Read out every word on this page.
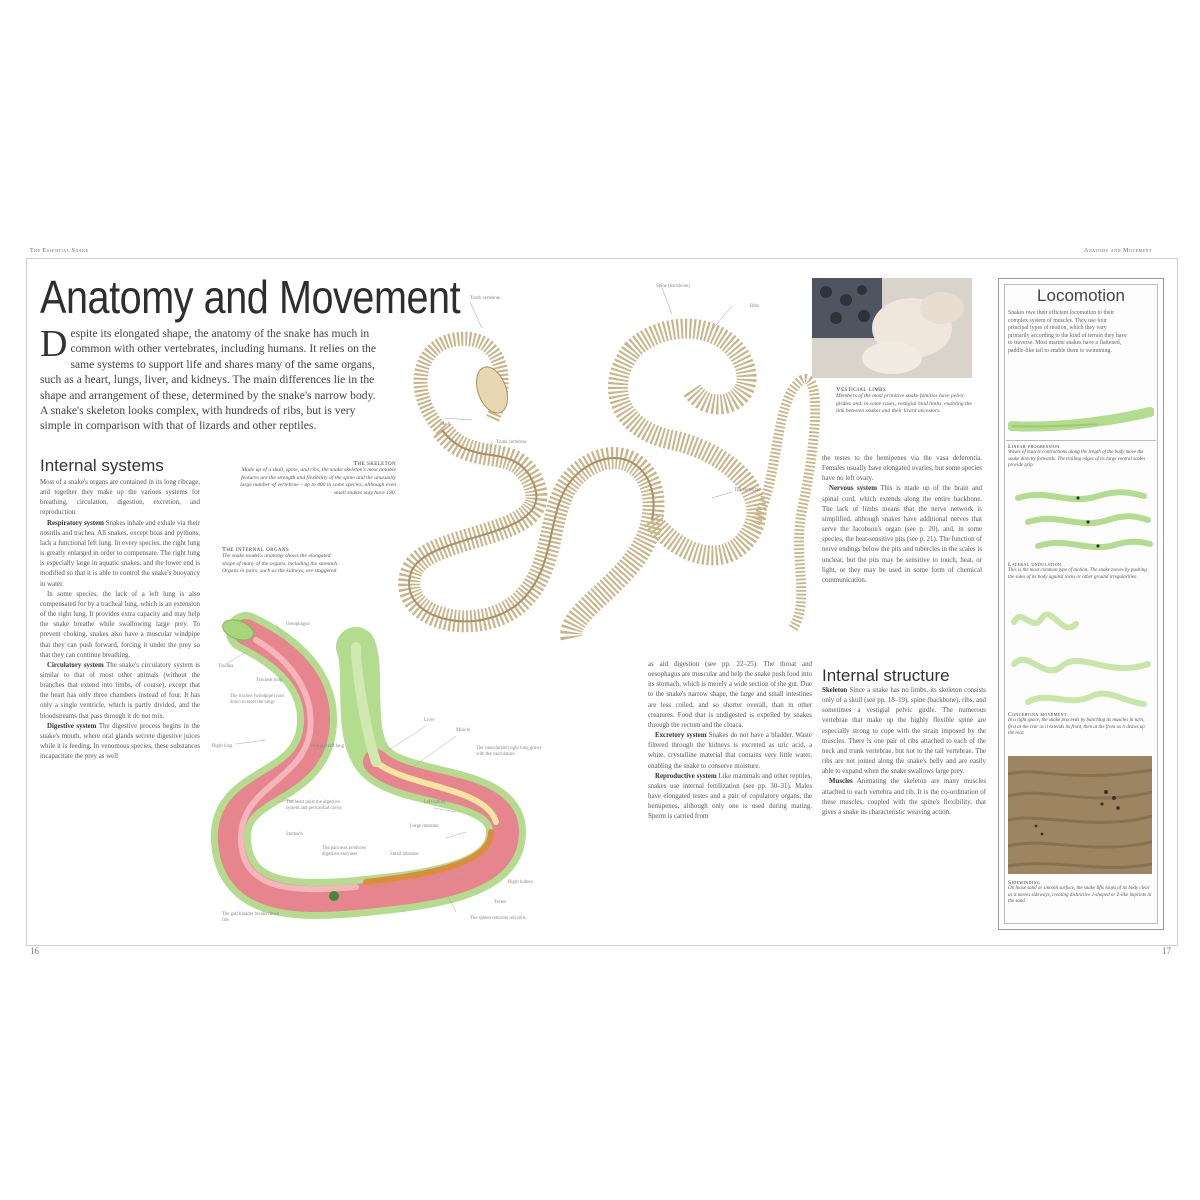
The Essential Snake	Anatomy and Movement
Anatomy and Movement
Despite its elongated shape, the anatomy of the snake has much in common with other vertebrates, including humans. It relies on the same systems to support life and shares many of the same organs, such as a heart, lungs, liver, and kidneys. The main differences lie in the shape and arrangement of these, determined by the snake's narrow body. A snake's skeleton looks complex, with hundreds of ribs, but is very simple in comparison with that of lizards and other reptiles.
Internal systems

Most of a snake's organs are contained in its long ribcage, and together they make up the various systems for breathing, circulation, digestion, excretion, and reproduction.

Respiratory system Snakes inhale and exhale via their nostrils and trachea. All snakes, except boas and pythons, lack a functional left lung. In every species, the right lung is greatly enlarged in order to compensate. The right lung is especially large in aquatic snakes, and the lower end is modified so that it is able to control the snake's buoyancy in water.

In some species, the lack of a left lung is also compensated for by a tracheal lung, which is an extension of the right lung. It provides extra capacity and may help the snake breathe while swallowing large prey. To prevent choking, snakes also have a muscular windpipe that they can push forward, forcing it under the prey so that they can continue breathing.

Circulatory system The snake's circulatory system is similar to that of most other animals (without the branches that extend into limbs, of course), except that the heart has only three chambers instead of four. It has only a single ventricle, which is partly divided, and the bloodstreams that pass through it do not mix.

Digestive system The digestive process begins in the snake's mouth, where oral glands secrete digestive juices while it is feeding. In venomous species, these substances incapacitate the prey as well

The skeleton
Made up of a skull, spine, and ribs, the snake skeleton's most notable features are the strength and flexibility of the spine and the unusually large number of vertebrae – up to 400 in some species, although even small snakes may have 180.
The internal organs
The snake model's anatomy shows the elongated shape of many of the organs, including the stomach. Organs in pairs, such as the kidneys, are staggered.
Tooth vertebrae
Skull
Trunk vertebrae
Spine (backbone)
Ribs
Tail vertebrae
Vestigial limbs
Members of the most primitive snake families have pelvic girdles and, in some cases, vestigial hind limbs, enabling the link between snakes and their lizard ancestors.
Oesophagus
Tracheal lung
Trachea
The trachea (windpipe) runs down to meet the lungs
Right lung	Vestigial left lung
The heart pulls the digestive system and pericardial cavity
Stomach
The gall bladder breaks down fats
Liver
Muscle
The vascularized right lung grows with the vasculature
Left kidney
Large intestine
The pancreas produces digestive enzymes	Small intestine
Right kidney
Testes
The spleen removes red cells

as aid digestion (see pp. 22–25). The throat and oesophagus are muscular and help the snake push food into its stomach, which is merely a wide section of the gut. Due to the snake's narrow shape, the large and small intestines are less coiled, and so shorter overall, than in other creatures. Food that is undigested is expelled by snakes through the rectum and the cloaca.

Excretory system Snakes do not have a bladder. Waste filtered through the kidneys is excreted as uric acid, a white, crystalline material that contains very little water, enabling the snake to conserve moisture.

Reproductive system Like mammals and other reptiles, snakes use internal fertilization (see pp. 30–31). Males have elongated testes and a pair of copulatory organs, the hemipenes, although only one is used during mating. Sperm is carried from

the testes to the hemipenes via the vasa deferentia. Females usually have elongated ovaries, but some species have no left ovary.

Nervous system This is made up of the brain and spinal cord, which extends along the entire backbone. The lack of limbs means that the nerve network is simplified, although snakes have additional nerves that serve the Jacobson's organ (see p. 20), and, in some species, the heat-sensitive pits (see p. 21). The function of nerve endings below the pits and tubercles in the scales is unclear, but the pits may be sensitive to touch, heat, or light, or they may be used in some form of chemical communication.

Internal structure

Skeleton Since a snake has no limbs, its skeleton consists only of a skull (see pp. 18–19), spine (backbone), ribs, and sometimes a vestigial pelvic girdle. The numerous vertebrae that make up the highly flexible spine are especially strong to cope with the strain imposed by the muscles. There is one pair of ribs attached to each of the neck and trunk vertebrae, but not to the tail vertebrae. The ribs are not joined along the snake's belly and are easily able to expand when the snake swallows large prey.

Muscles Animating the skeleton are many muscles attached to each vertebra and rib. It is the co-ordination of these muscles, coupled with the spine's flexibility, that gives a snake its characteristic weaving action.

Locomotion
Snakes owe their efficient locomotion to their complex system of muscles. They use four principal types of motion, which they vary primarily according to the kind of terrain they have to traverse. Most marine snakes have a flattened, paddle-like tail to enable them to swimming.
Linear progression
Waves of muscle contractions along the length of the body move the snake directly forwards. The trailing edges of its large ventral scales provide grip.
Lateral undulation
This is the most common type of motion. The snake moves by pushing the sides of its body against rocks or other ground irregularities.
Concertina movement
In a tight space, the snake proceeds by bunching its muscles in turn, first at the rear as it extends its front, then at the front as it draws up the rear.
Sidewinding
On loose sand or smooth surface, the snake lifts loops of its body clear as it moves sideways, creating distinctive J-shaped or Z-like imprints in the sand.
16	17
